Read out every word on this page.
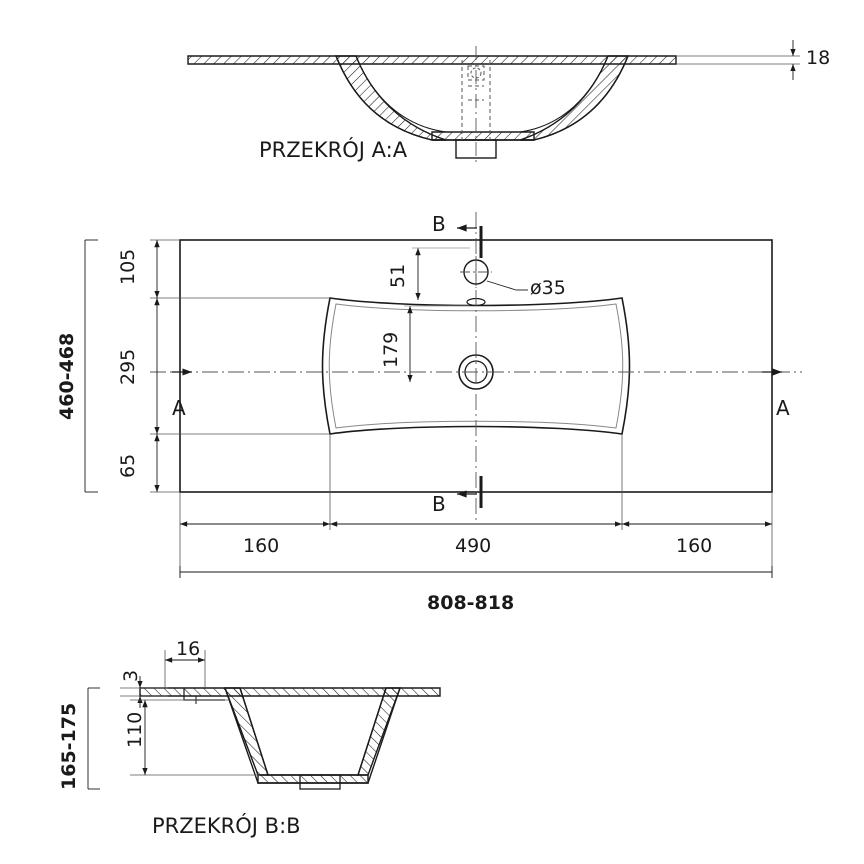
18
PRZEKRÓJ A:A
B
B
A	A
105
295
65
460-468
51
179
ø35
160	490	160
808-818
16
3
110
165-175
PRZEKRÓJ B:B
